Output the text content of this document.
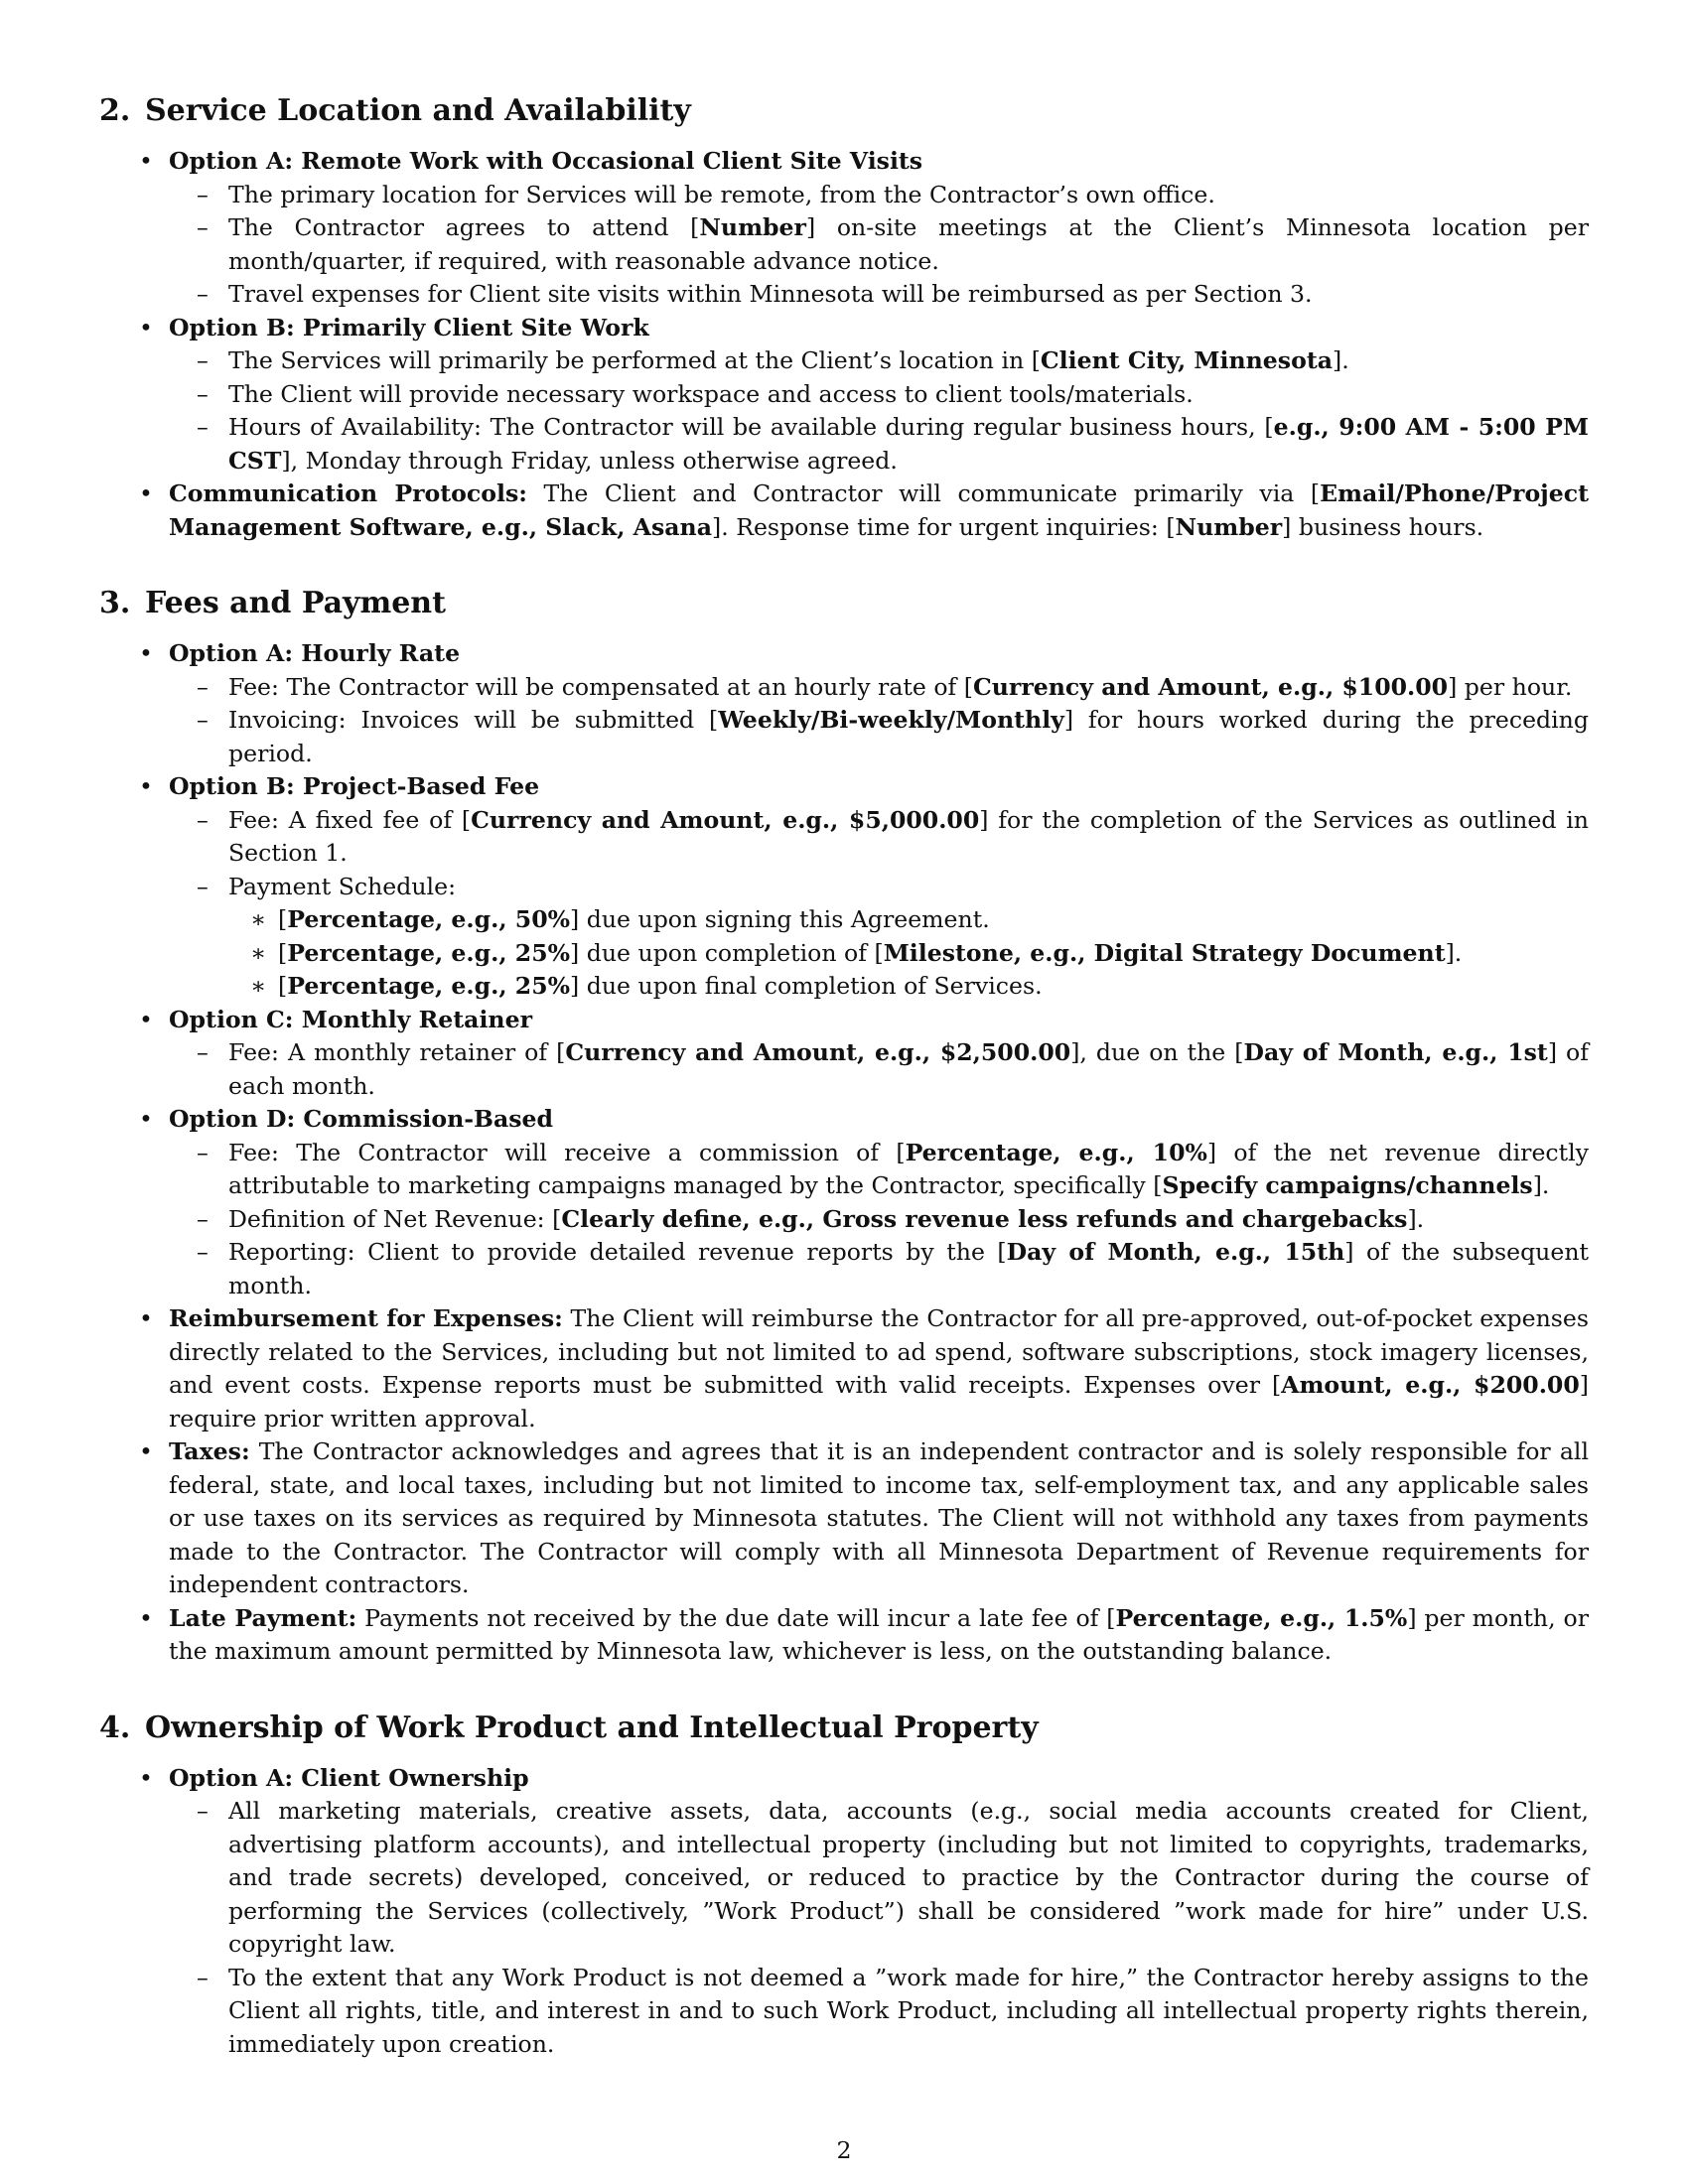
2. Service Location and Availability
• Option A: Remote Work with Occasional Client Site Visits
– The primary location for Services will be remote, from the Contractor’s own office.
– The Contractor agrees to attend [Number] on-site meetings at the Client’s Minnesota location per month/quarter, if required, with reasonable advance notice.
– Travel expenses for Client site visits within Minnesota will be reimbursed as per Section 3.
• Option B: Primarily Client Site Work
– The Services will primarily be performed at the Client’s location in [Client City, Minnesota].
– The Client will provide necessary workspace and access to client tools/materials.
– Hours of Availability: The Contractor will be available during regular business hours, [e.g., 9:00 AM - 5:00 PM CST], Monday through Friday, unless otherwise agreed.
• Communication Protocols: The Client and Contractor will communicate primarily via [Email/Phone/Project Management Software, e.g., Slack, Asana]. Response time for urgent inquiries: [Number] business hours.
3. Fees and Payment
• Option A: Hourly Rate
– Fee: The Contractor will be compensated at an hourly rate of [Currency and Amount, e.g., $100.00] per hour.
– Invoicing: Invoices will be submitted [Weekly/Bi-weekly/Monthly] for hours worked during the preceding period.
• Option B: Project-Based Fee
– Fee: A fixed fee of [Currency and Amount, e.g., $5,000.00] for the completion of the Services as outlined in Section 1.
– Payment Schedule:
∗ [Percentage, e.g., 50%] due upon signing this Agreement.
∗ [Percentage, e.g., 25%] due upon completion of [Milestone, e.g., Digital Strategy Document].
∗ [Percentage, e.g., 25%] due upon final completion of Services.
• Option C: Monthly Retainer
– Fee: A monthly retainer of [Currency and Amount, e.g., $2,500.00], due on the [Day of Month, e.g., 1st] of each month.
• Option D: Commission-Based
– Fee: The Contractor will receive a commission of [Percentage, e.g., 10%] of the net revenue directly attributable to marketing campaigns managed by the Contractor, specifically [Specify campaigns/channels].
– Definition of Net Revenue: [Clearly define, e.g., Gross revenue less refunds and chargebacks].
– Reporting: Client to provide detailed revenue reports by the [Day of Month, e.g., 15th] of the subsequent month.
• Reimbursement for Expenses: The Client will reimburse the Contractor for all pre-approved, out-of-pocket expenses directly related to the Services, including but not limited to ad spend, software subscriptions, stock imagery licenses, and event costs. Expense reports must be submitted with valid receipts. Expenses over [Amount, e.g., $200.00] require prior written approval.
• Taxes: The Contractor acknowledges and agrees that it is an independent contractor and is solely responsible for all federal, state, and local taxes, including but not limited to income tax, self-employment tax, and any applicable sales or use taxes on its services as required by Minnesota statutes. The Client will not withhold any taxes from payments made to the Contractor. The Contractor will comply with all Minnesota Department of Revenue requirements for independent contractors.
• Late Payment: Payments not received by the due date will incur a late fee of [Percentage, e.g., 1.5%] per month, or the maximum amount permitted by Minnesota law, whichever is less, on the outstanding balance.
4. Ownership of Work Product and Intellectual Property
• Option A: Client Ownership
– All marketing materials, creative assets, data, accounts (e.g., social media accounts created for Client, advertising platform accounts), and intellectual property (including but not limited to copyrights, trademarks, and trade secrets) developed, conceived, or reduced to practice by the Contractor during the course of performing the Services (collectively, ”Work Product”) shall be considered ”work made for hire” under U.S. copyright law.
– To the extent that any Work Product is not deemed a ”work made for hire,” the Contractor hereby assigns to the Client all rights, title, and interest in and to such Work Product, including all intellectual property rights therein, immediately upon creation.
2
